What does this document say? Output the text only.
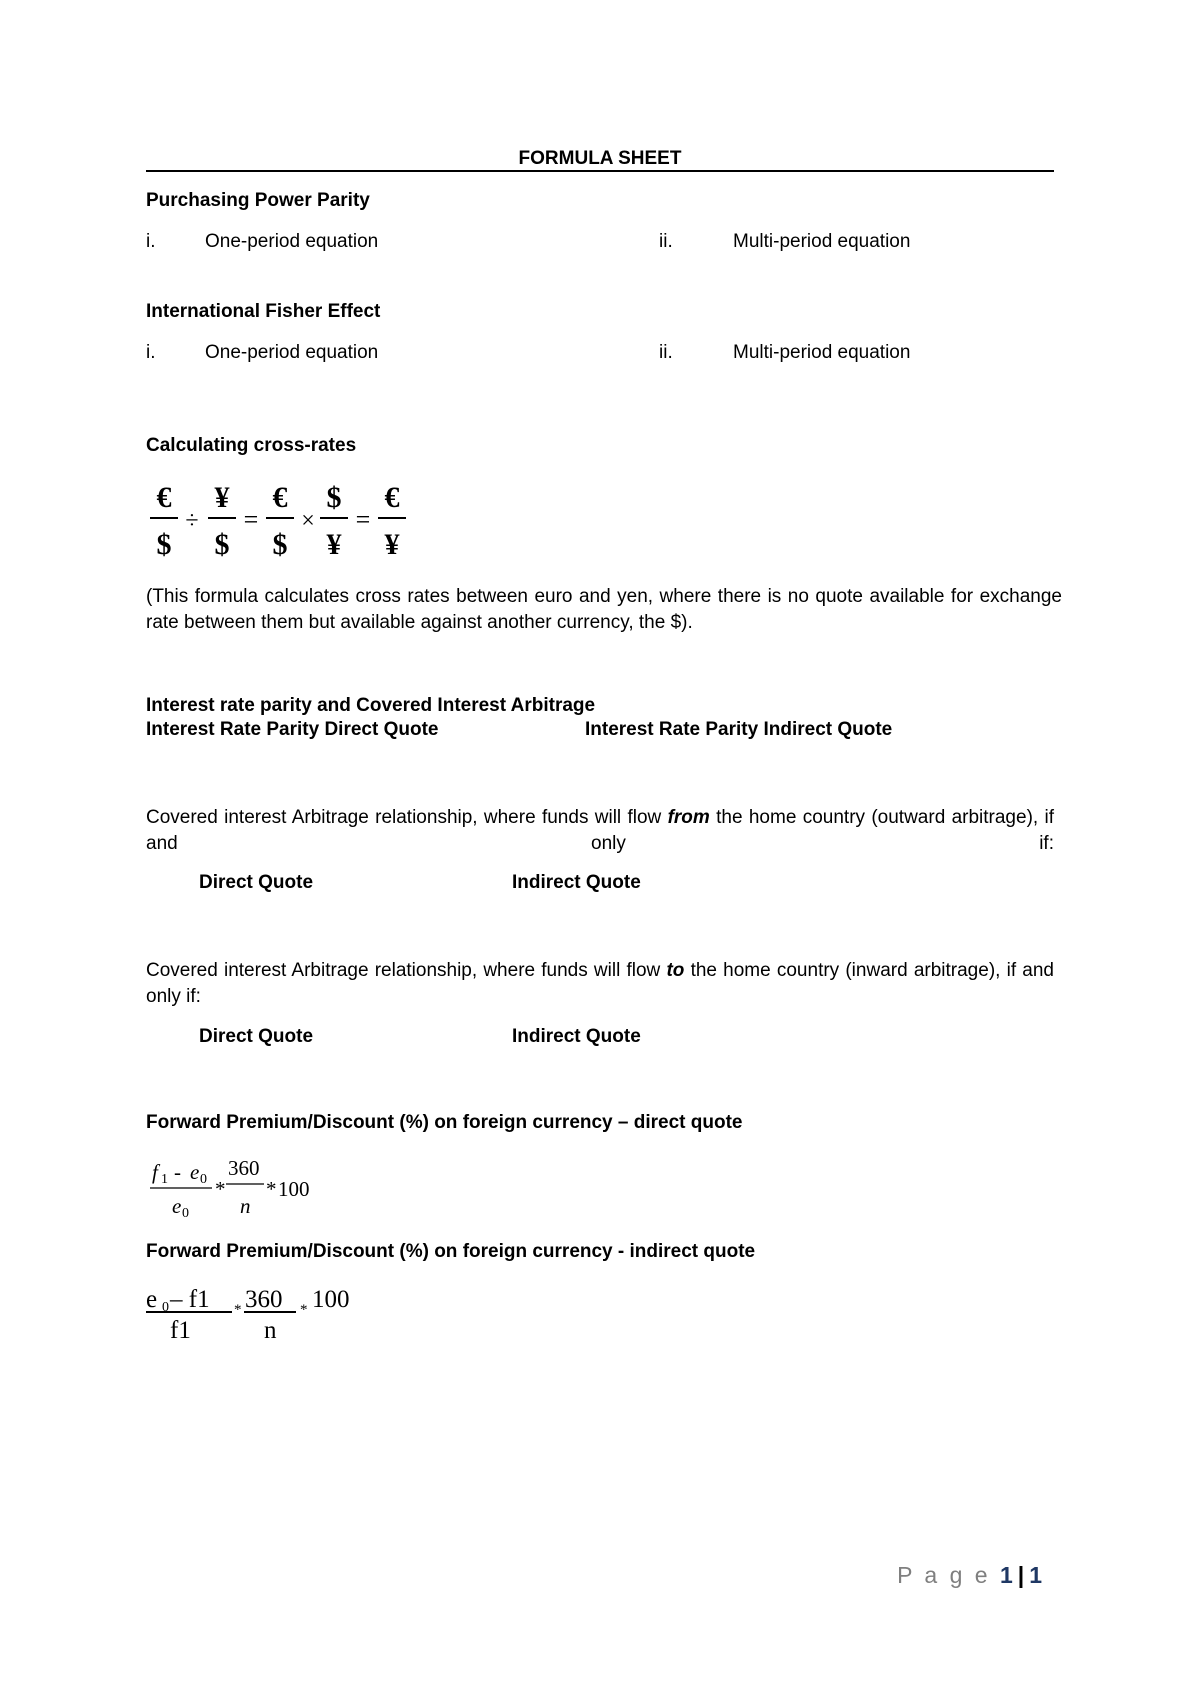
FORMULA SHEET
Purchasing Power Parity
i.	One-period equation	ii.	Multi-period equation
International Fisher Effect
i.	One-period equation	ii.	Multi-period equation
Calculating cross-rates
€
$
÷
¥
$
=
€
$
×
$
¥
=
€
¥
(This formula calculates cross rates between euro and yen, where there is no quote available for exchange rate between them but available against another currency, the $).
Interest rate parity and Covered Interest Arbitrage
Interest Rate Parity Direct Quote	Interest Rate Parity Indirect Quote
Covered interest Arbitrage relationship, where funds will flow from the home country (outward arbitrage), if and only if:
Direct Quote	Indirect Quote
Covered interest Arbitrage relationship, where funds will flow to the home country (inward arbitrage), if and only if:
Direct Quote	Indirect Quote
Forward Premium/Discount (%) on foreign currency – direct quote
f 1 - e 0
e 0
*
360
n
* 100
Forward Premium/Discount (%) on foreign currency - indirect quote
e 0 – f1
f1
* 360
n
* 100
P a g e 1 | 1
